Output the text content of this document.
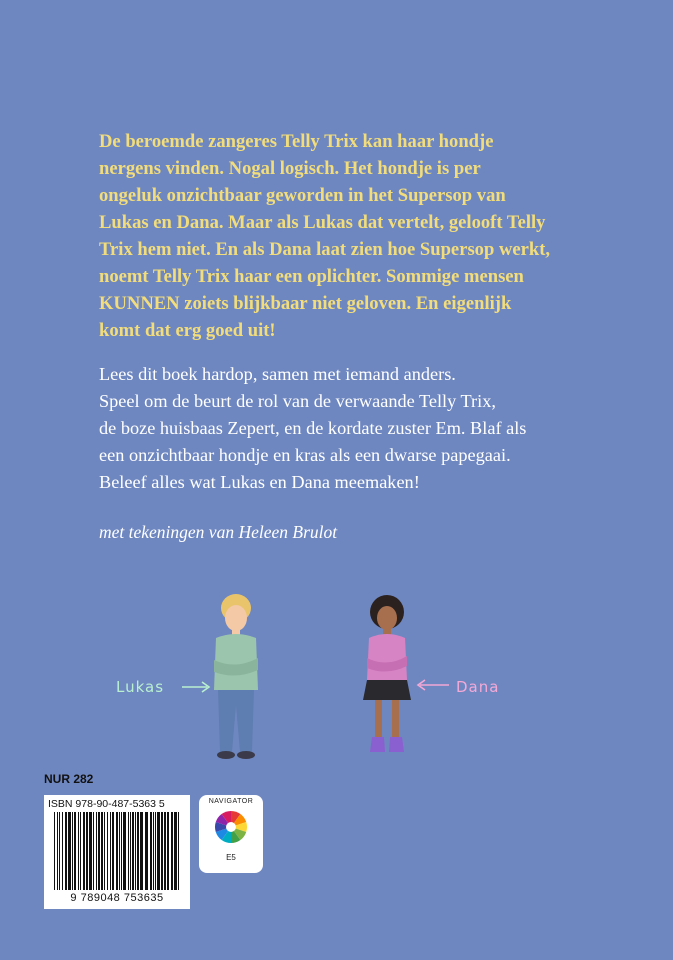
De beroemde zangeres Telly Trix kan haar hondje
nergens vinden. Nogal logisch. Het hondje is per
ongeluk onzichtbaar geworden in het Supersop van
Lukas en Dana. Maar als Lukas dat vertelt, gelooft Telly
Trix hem niet. En als Dana laat zien hoe Supersop werkt,
noemt Telly Trix haar een oplichter. Sommige mensen
KUNNEN zoiets blijkbaar niet geloven. En eigenlijk
komt dat erg goed uit!

Lees dit boek hardop, samen met iemand anders.
Speel om de beurt de rol van de verwaande Telly Trix,
de boze huisbaas Zepert, en de kordate zuster Em. Blaf als
een onzichtbaar hondje en kras als een dwarse papegaai.
Beleef alles wat Lukas en Dana meemaken!

met tekeningen van Heleen Brulot

Lukas	Dana
NUR 282
ISBN 978-90-487-5363 5
9 789048 753635
NAVIGATOR
E5
